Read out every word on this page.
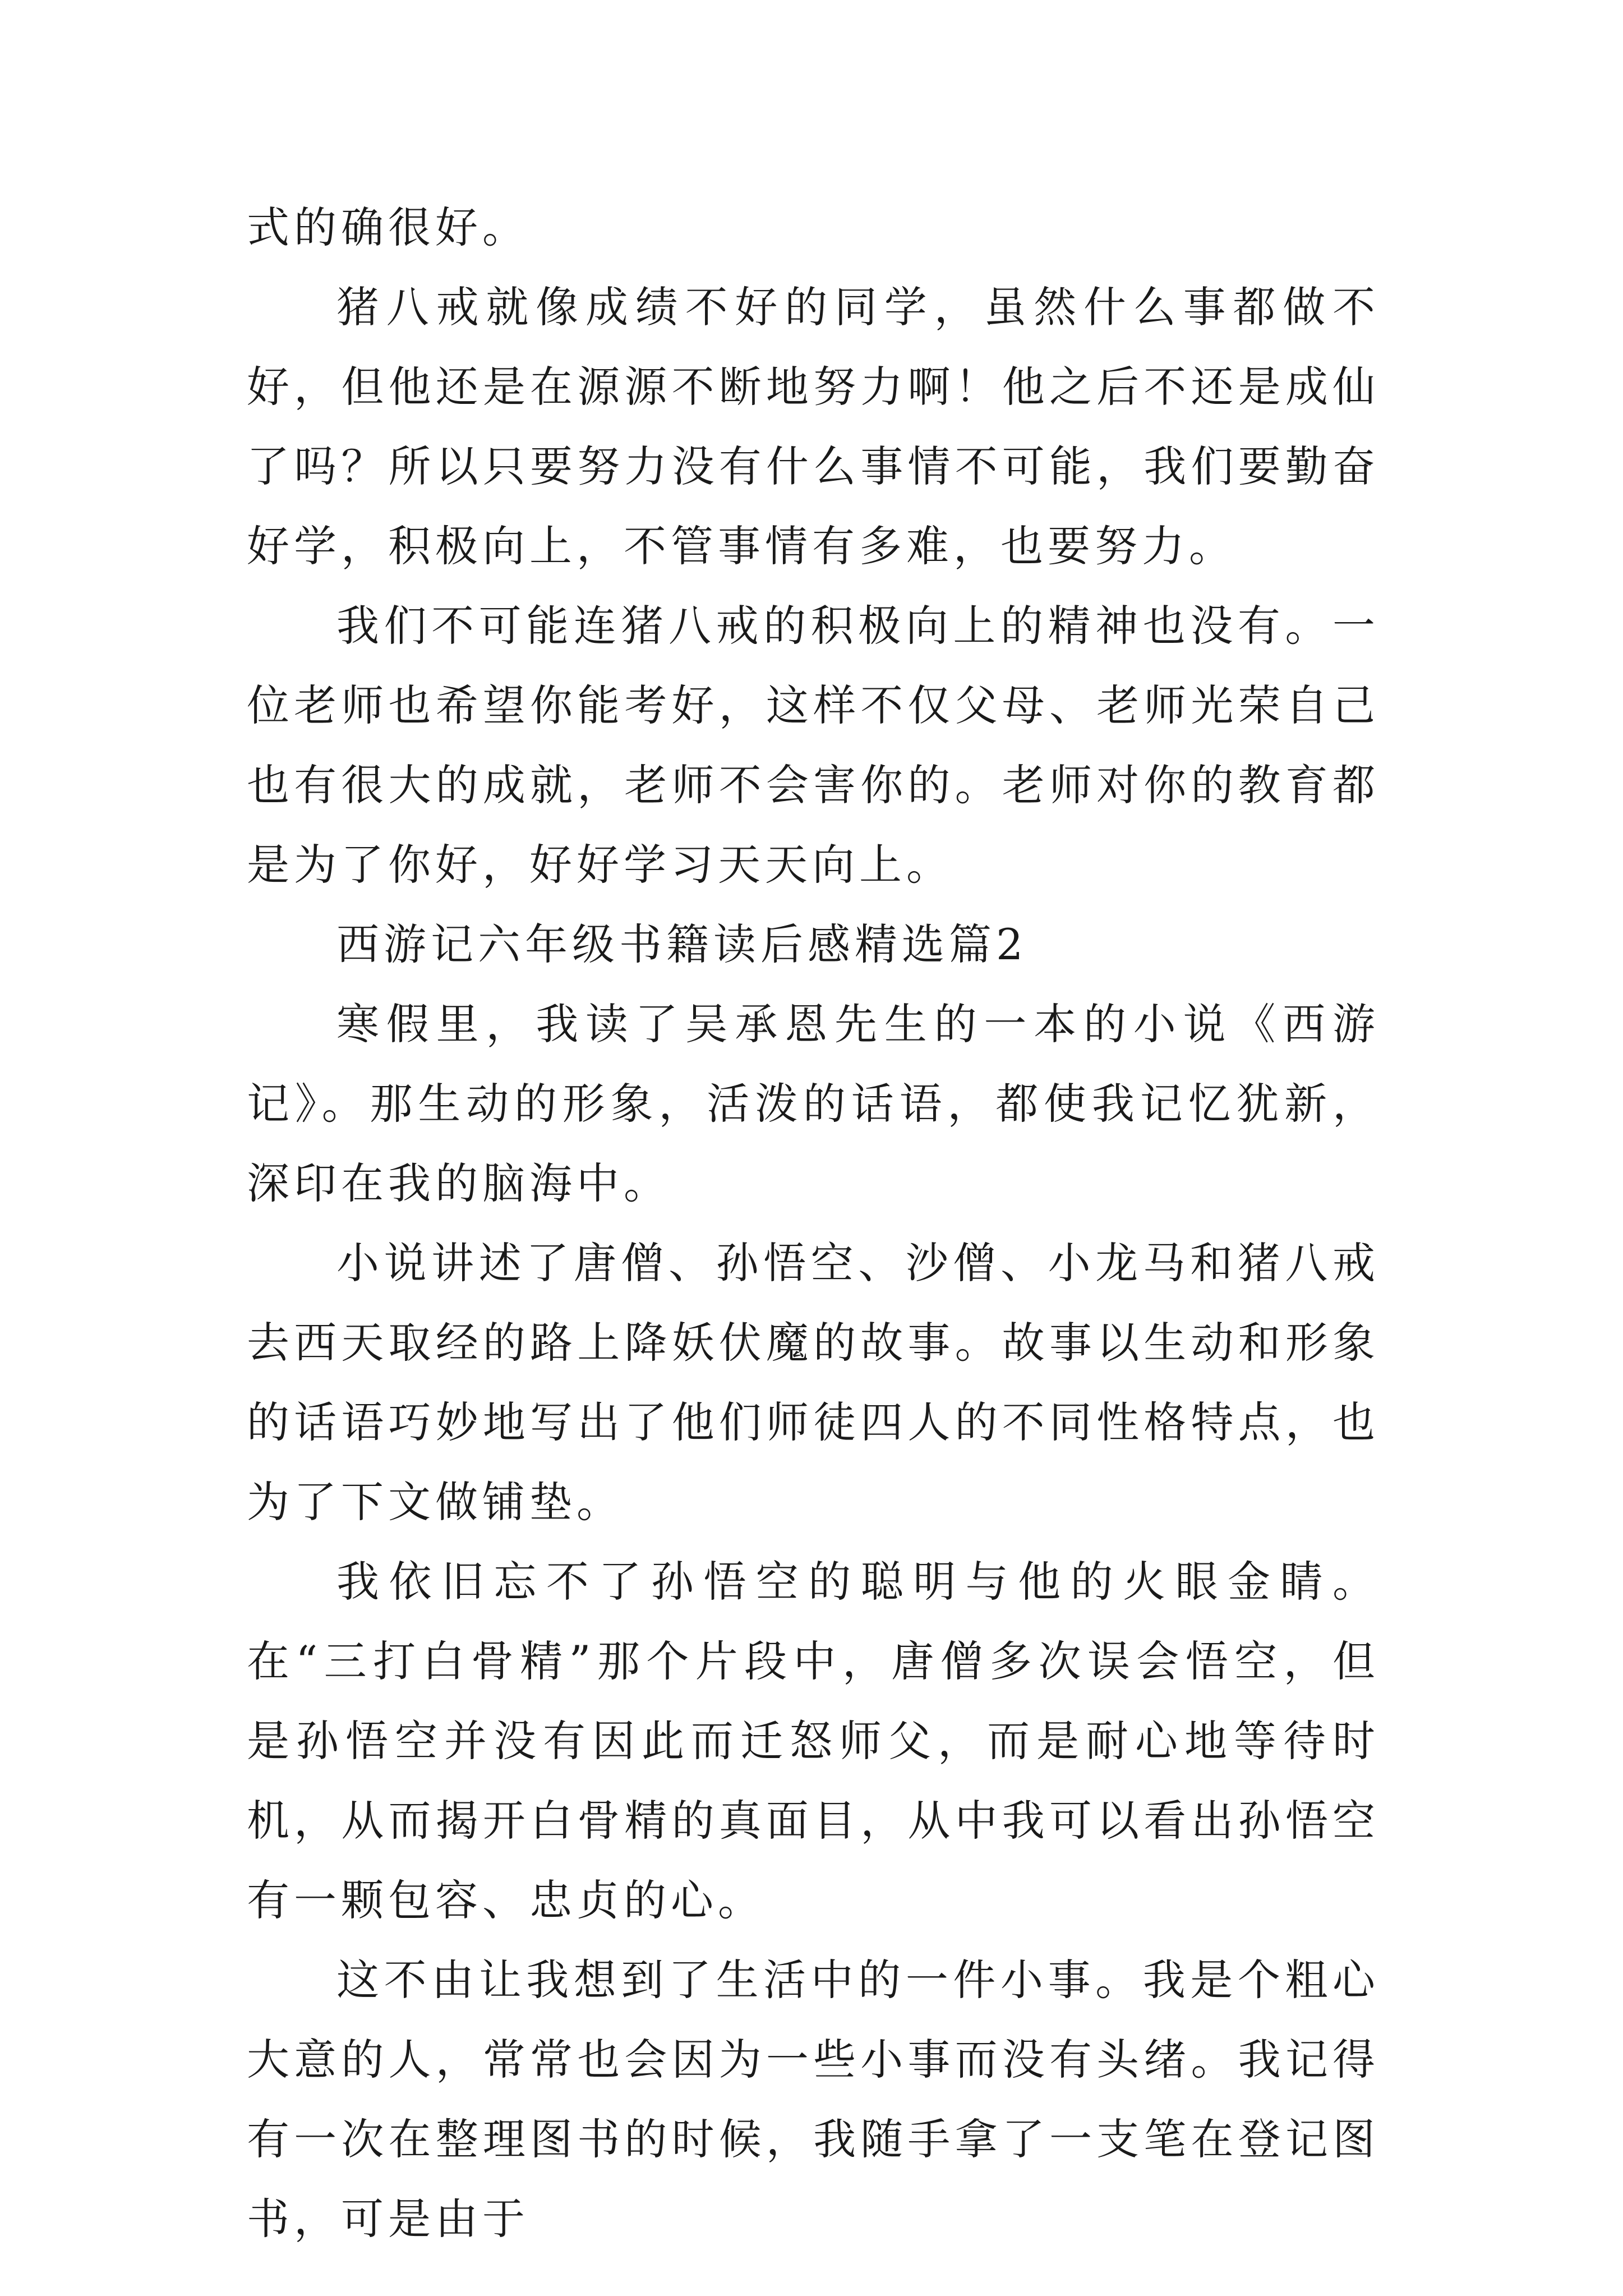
式的确很好。

猪八戒就像成绩不好的同学，虽然什么事都做不好，但他还是在源源不断地努力啊！他之后不还是成仙了吗？所以只要努力没有什么事情不可能，我们要勤奋好学，积极向上，不管事情有多难，也要努力。

我们不可能连猪八戒的积极向上的精神也没有。一位老师也希望你能考好，这样不仅父母、老师光荣自己也有很大的成就，老师不会害你的。老师对你的教育都是为了你好，好好学习天天向上。

西游记六年级书籍读后感精选篇2

寒假里，我读了吴承恩先生的一本的小说《西游记》。那生动的形象，活泼的话语，都使我记忆犹新，深印在我的脑海中。

小说讲述了唐僧、孙悟空、沙僧、小龙马和猪八戒去西天取经的路上降妖伏魔的故事。故事以生动和形象的话语巧妙地写出了他们师徒四人的不同性格特点，也为了下文做铺垫。

我依旧忘不了孙悟空的聪明与他的火眼金睛。在“三打白骨精”那个片段中，唐僧多次误会悟空，但是孙悟空并没有因此而迁怒师父，而是耐心地等待时机，从而揭开白骨精的真面目，从中我可以看出孙悟空有一颗包容、忠贞的心。

这不由让我想到了生活中的一件小事。我是个粗心大意的人，常常也会因为一些小事而没有头绪。我记得有一次在整理图书的时候，我随手拿了一支笔在登记图书，可是由于
